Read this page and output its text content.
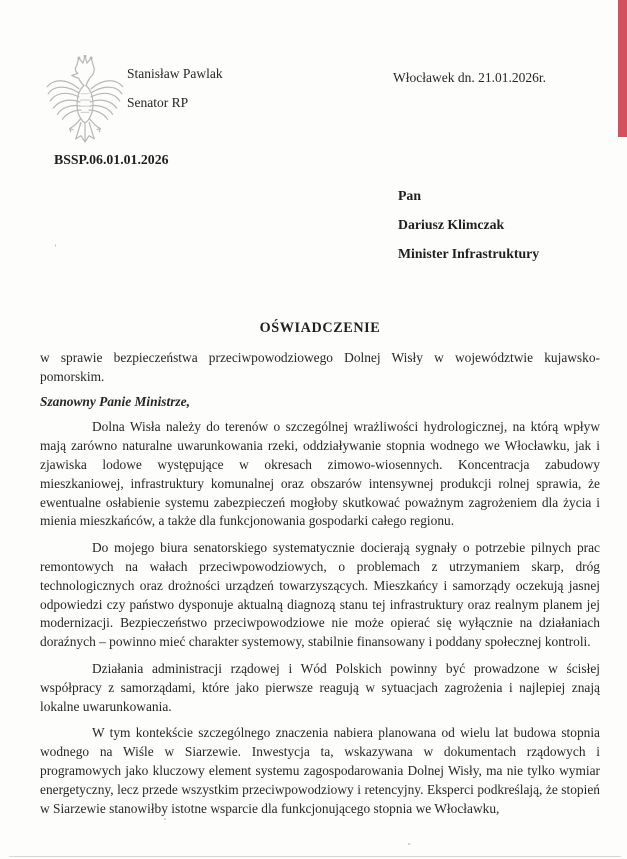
Stanisław Pawlak

Senator RP

Włocławek dn. 21.01.2026r.
BSSP.06.01.01.2026
Pan
Dariusz Klimczak
Minister Infrastruktury
OŚWIADCZENIE

w sprawie bezpieczeństwa przeciwpowodziowego Dolnej Wisły w województwie kujawsko-pomorskim.

Szanowny Panie Ministrze,

Dolna Wisła należy do terenów o szczególnej wrażliwości hydrologicznej, na którą wpływ mają zarówno naturalne uwarunkowania rzeki, oddziaływanie stopnia wodnego we Włocławku, jak i zjawiska lodowe występujące w okresach zimowo-wiosennych. Koncentracja zabudowy mieszkaniowej, infrastruktury komunalnej oraz obszarów intensywnej produkcji rolnej sprawia, że ewentualne osłabienie systemu zabezpieczeń mogłoby skutkować poważnym zagrożeniem dla życia i mienia mieszkańców, a także dla funkcjonowania gospodarki całego regionu.

Do mojego biura senatorskiego systematycznie docierają sygnały o potrzebie pilnych prac remontowych na wałach przeciwpowodziowych, o problemach z utrzymaniem skarp, dróg technologicznych oraz drożności urządzeń towarzyszących. Mieszkańcy i samorządy oczekują jasnej odpowiedzi czy państwo dysponuje aktualną diagnozą stanu tej infrastruktury oraz realnym planem jej modernizacji. Bezpieczeństwo przeciwpowodziowe nie może opierać się wyłącznie na działaniach doraźnych – powinno mieć charakter systemowy, stabilnie finansowany i poddany społecznej kontroli.

Działania administracji rządowej i Wód Polskich powinny być prowadzone w ścisłej współpracy z samorządami, które jako pierwsze reagują w sytuacjach zagrożenia i najlepiej znają lokalne uwarunkowania.

W tym kontekście szczególnego znaczenia nabiera planowana od wielu lat budowa stopnia wodnego na Wiśle w Siarzewie. Inwestycja ta, wskazywana w dokumentach rządowych i programowych jako kluczowy element systemu zagospodarowania Dolnej Wisły, ma nie tylko wymiar energetyczny, lecz przede wszystkim przeciwpowodziowy i retencyjny. Eksperci podkreślają, że stopień w Siarzewie stanowiłby istotne wsparcie dla funkcjonującego stopnia we Włocławku,
